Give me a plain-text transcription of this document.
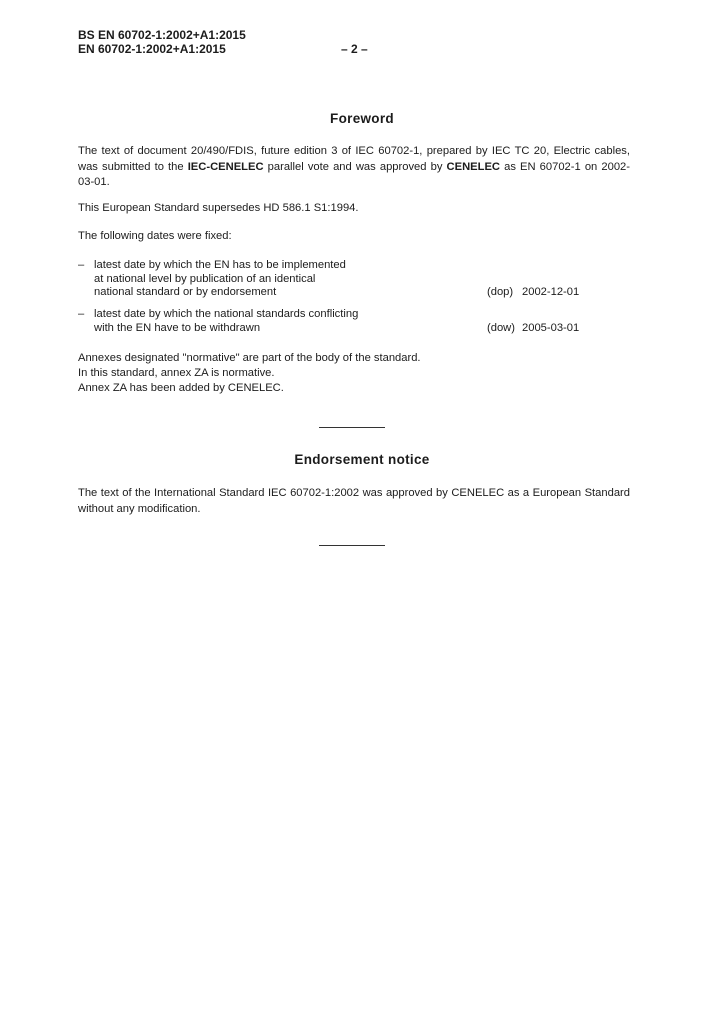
BS EN 60702-1:2002+A1:2015
EN 60702-1:2002+A1:2015	– 2 –
Foreword

The text of document 20/490/FDIS, future edition 3 of IEC 60702-1, prepared by IEC TC 20, Electric cables, was submitted to the IEC-CENELEC parallel vote and was approved by CENELEC as EN 60702-1 on 2002-03-01.

This European Standard supersedes HD 586.1 S1:1994.

The following dates were fixed:

– latest date by which the EN has to be implemented
at national level by publication of an identical
national standard or by endorsement	(dop) 2002-12-01
– latest date by which the national standards conflicting
with the EN have to be withdrawn	(dow) 2005-03-01

Annexes designated "normative" are part of the body of the standard.
In this standard, annex ZA is normative.
Annex ZA has been added by CENELEC.

Endorsement notice

The text of the International Standard IEC 60702-1:2002 was approved by CENELEC as a European Standard without any modification.
